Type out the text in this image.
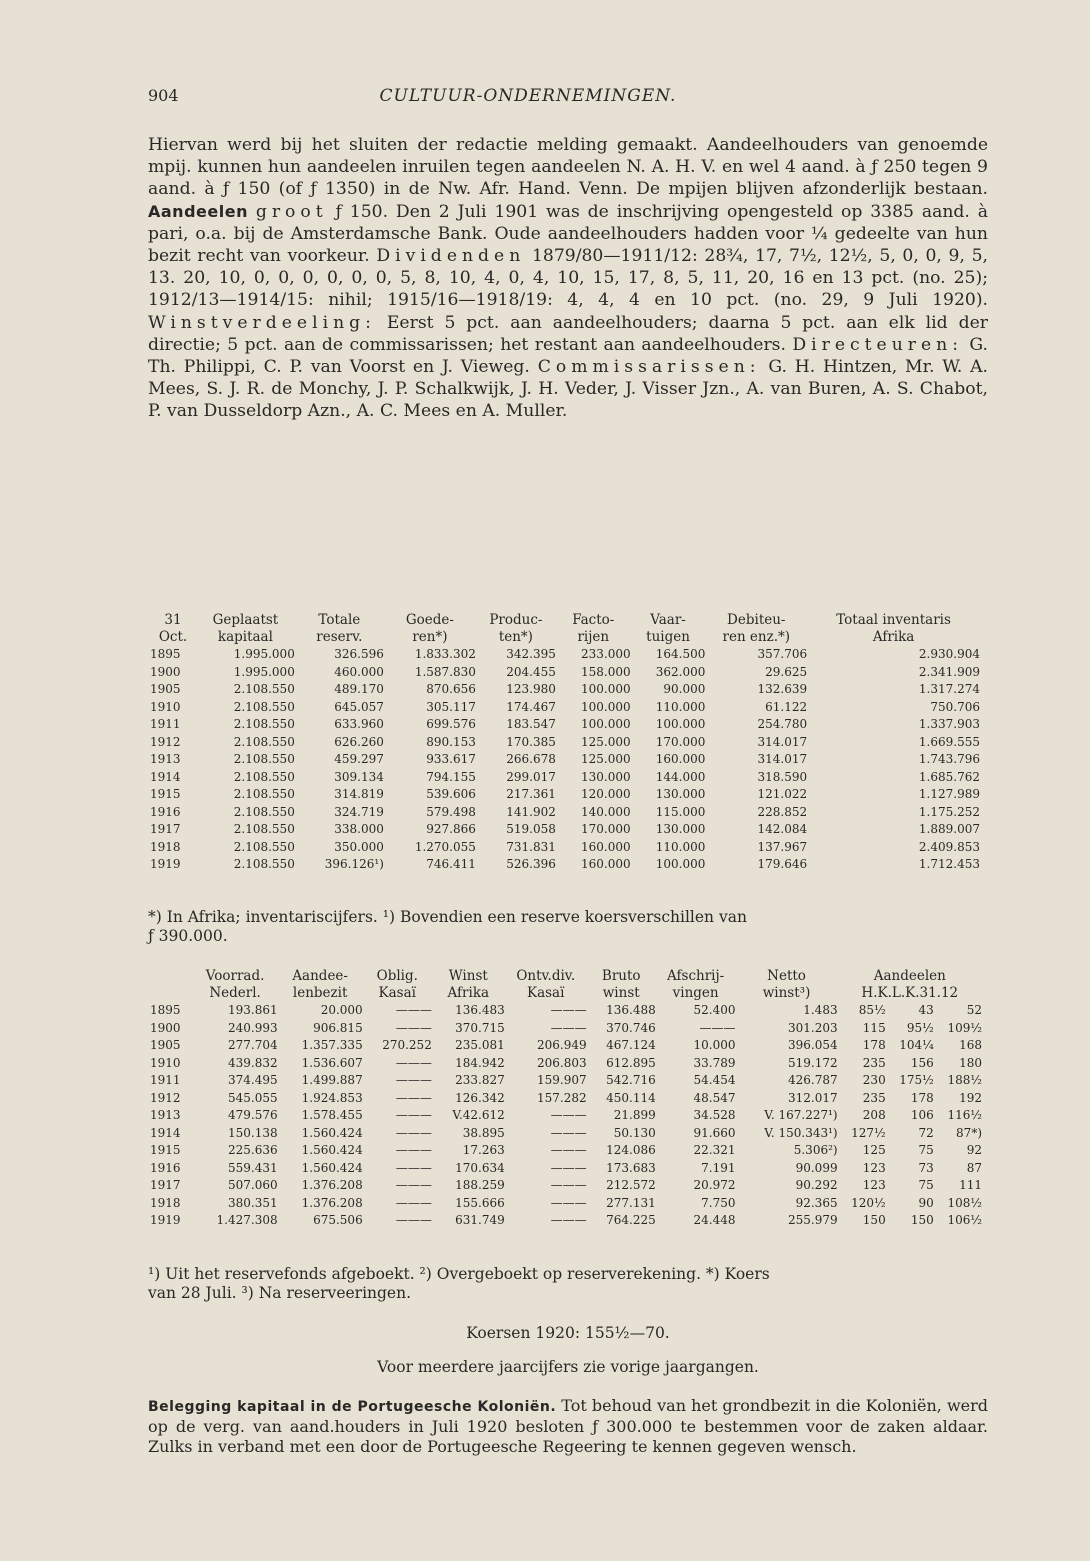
904	CULTUUR-ONDERNEMINGEN.

Hiervan werd bij het sluiten der redactie melding gemaakt. Aandeelhouders van genoemde mpij. kunnen hun aandeelen inruilen tegen aandeelen N. A. H. V. en wel 4 aand. à ƒ 250 tegen 9 aand. à ƒ 150 (of ƒ 1350) in de Nw. Afr. Hand. Venn. De mpijen blijven afzonderlijk bestaan. Aandeelen groot ƒ 150. Den 2 Juli 1901 was de inschrijving opengesteld op 3385 aand. à pari, o.a. bij de Amsterdamsche Bank. Oude aandeelhouders hadden voor ¼ gedeelte van hun bezit recht van voorkeur. Dividenden 1879/80—1911/12: 28¾, 17, 7½, 12½, 5, 0, 0, 9, 5, 13. 20, 10, 0, 0, 0, 0, 0, 0, 5, 8, 10, 4, 0, 4, 10, 15, 17, 8, 5, 11, 20, 16 en 13 pct. (no. 25); 1912/13—1914/15: nihil; 1915/16—1918/19: 4, 4, 4 en 10 pct. (no. 29, 9 Juli 1920). Winstverdeeling: Eerst 5 pct. aan aandeelhouders; daarna 5 pct. aan elk lid der directie; 5 pct. aan de commissarissen; het restant aan aandeelhouders. Directeuren: G. Th. Philippi, C. P. van Voorst en J. Vieweg. Commissarissen: G. H. Hintzen, Mr. W. A. Mees, S. J. R. de Monchy, J. P. Schalkwijk, J. H. Veder, J. Visser Jzn., A. van Buren, A. S. Chabot, P. van Dusseldorp Azn., A. C. Mees en A. Muller.

31	Geplaatst	Totale	Goede-	Produc-	Facto-	Vaar-	Debiteu-	Totaal inventaris
Oct.	kapitaal	reserv.	ren*)	ten*)	rijen	tuigen	ren enz.*)	Afrika
1895	1.995.000	326.596	1.833.302	342.395	233.000	164.500	357.706	2.930.904
1900	1.995.000	460.000	1.587.830	204.455	158.000	362.000	29.625	2.341.909
1905	2.108.550	489.170	870.656	123.980	100.000	90.000	132.639	1.317.274
1910	2.108.550	645.057	305.117	174.467	100.000	110.000	61.122	750.706
1911	2.108.550	633.960	699.576	183.547	100.000	100.000	254.780	1.337.903
1912	2.108.550	626.260	890.153	170.385	125.000	170.000	314.017	1.669.555
1913	2.108.550	459.297	933.617	266.678	125.000	160.000	314.017	1.743.796
1914	2.108.550	309.134	794.155	299.017	130.000	144.000	318.590	1.685.762
1915	2.108.550	314.819	539.606	217.361	120.000	130.000	121.022	1.127.989
1916	2.108.550	324.719	579.498	141.902	140.000	115.000	228.852	1.175.252
1917	2.108.550	338.000	927.866	519.058	170.000	130.000	142.084	1.889.007
1918	2.108.550	350.000	1.270.055	731.831	160.000	110.000	137.967	2.409.853
1919	2.108.550	396.126¹)	746.411	526.396	160.000	100.000	179.646	1.712.453
*) In Afrika; inventariscijfers. ¹) Bovendien een reserve koersverschillen van
ƒ 390.000.
	Voorrad.	Aandee-	Oblig.	Winst	Ontv.div.	Bruto	Afschrij-	Netto	Aandeelen		
	Nederl.	lenbezit	Kasaï	Afrika	Kasaï	winst	vingen	winst³)	H.K.L.K.31.12		
1895	193.861	20.000	———	136.483	———	136.488	52.400	1.483	85½	43	52
1900	240.993	906.815	———	370.715	———	370.746	———	301.203	115	95½	109½
1905	277.704	1.357.335	270.252	235.081	206.949	467.124	10.000	396.054	178	104¼	168
1910	439.832	1.536.607	———	184.942	206.803	612.895	33.789	519.172	235	156	180
1911	374.495	1.499.887	———	233.827	159.907	542.716	54.454	426.787	230	175½	188½
1912	545.055	1.924.853	———	126.342	157.282	450.114	48.547	312.017	235	178	192
1913	479.576	1.578.455	———	V.42.612	———	21.899	34.528	V. 167.227¹)	208	106	116½
1914	150.138	1.560.424	———	38.895	———	50.130	91.660	V. 150.343¹)	127½	72	87*)
1915	225.636	1.560.424	———	17.263	———	124.086	22.321	5.306²)	125	75	92
1916	559.431	1.560.424	———	170.634	———	173.683	7.191	90.099	123	73	87
1917	507.060	1.376.208	———	188.259	———	212.572	20.972	90.292	123	75	111
1918	380.351	1.376.208	———	155.666	———	277.131	7.750	92.365	120½	90	108½
1919	1.427.308	675.506	———	631.749	———	764.225	24.448	255.979	150	150	106½
¹) Uit het reservefonds afgeboekt. ²) Overgeboekt op reserverekening. *) Koers
van 28 Juli. ³) Na reserveeringen.
Koersen 1920: 155½—70.
Voor meerdere jaarcijfers zie vorige jaargangen.
Belegging kapitaal in de Portugeesche Koloniën. Tot behoud van het grondbezit in die Koloniën, werd op de verg. van aand.houders in Juli 1920 besloten ƒ 300.000 te bestemmen voor de zaken aldaar. Zulks in verband met een door de Portugeesche Regeering te kennen gegeven wensch.
